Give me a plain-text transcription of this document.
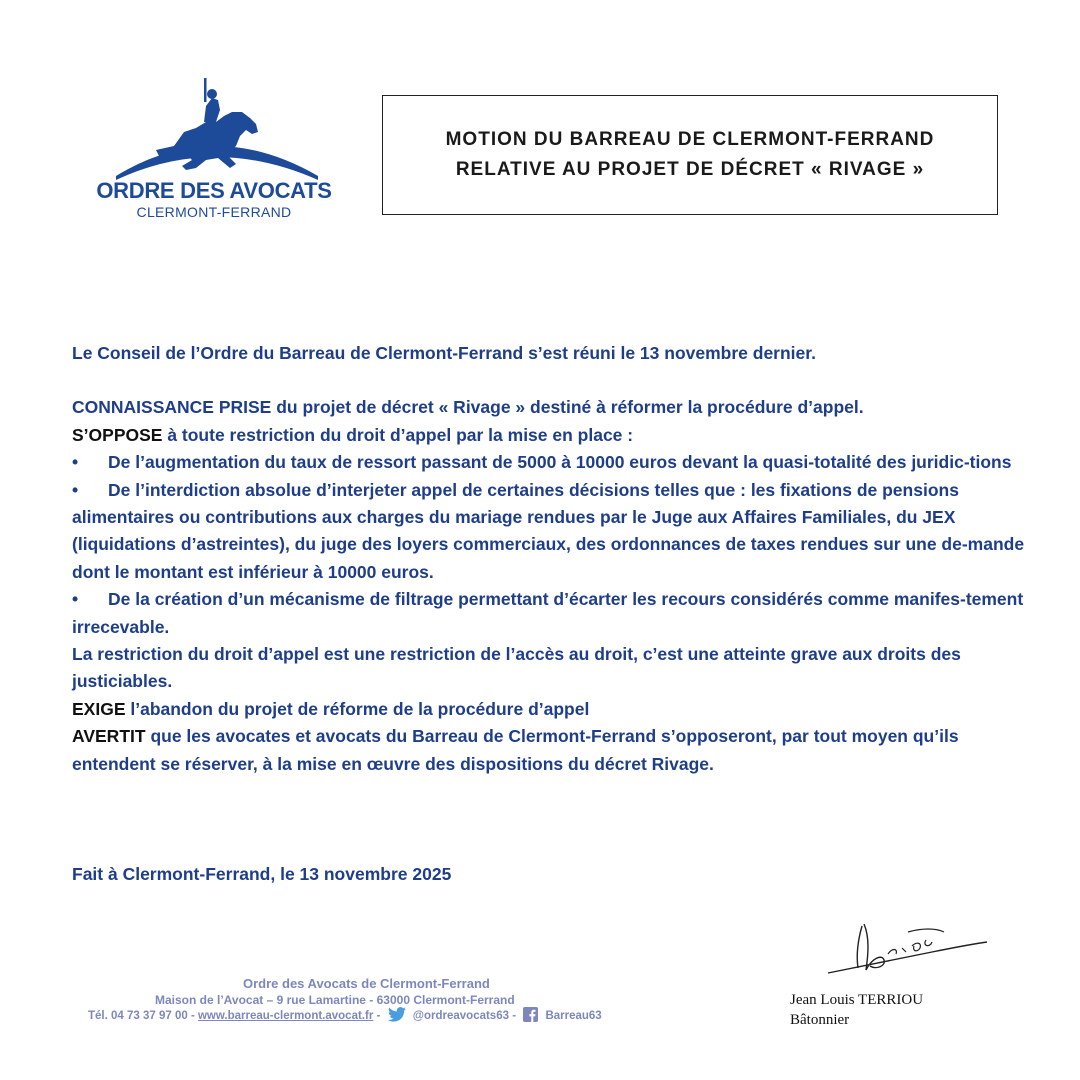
ORDRE DES AVOCATS
CLERMONT-FERRAND
MOTION DU BARREAU DE CLERMONT-FERRAND
RELATIVE AU PROJET DE DÉCRET « RIVAGE »

Le Conseil de l’Ordre du Barreau de Clermont-Ferrand s’est réuni le 13 novembre dernier.

CONNAISSANCE PRISE du projet de décret « Rivage » destiné à réformer la procédure d’appel.

S’OPPOSE à toute restriction du droit d’appel par la mise en place :

• De l’augmentation du taux de ressort passant de 5000 à 10000 euros devant la quasi-totalité des juridic-tions

• De l’interdiction absolue d’interjeter appel de certaines décisions telles que : les fixations de pensions alimentaires ou contributions aux charges du mariage rendues par le Juge aux Affaires Familiales, du JEX (liquidations d’astreintes), du juge des loyers commerciaux, des ordonnances de taxes rendues sur une de-mande dont le montant est inférieur à 10000 euros.

• De la création d’un mécanisme de filtrage permettant d’écarter les recours considérés comme manifes-tement irrecevable.

La restriction du droit d’appel est une restriction de l’accès au droit, c’est une atteinte grave aux droits des justiciables.

EXIGE l’abandon du projet de réforme de la procédure d’appel

AVERTIT que les avocates et avocats du Barreau de Clermont-Ferrand s’opposeront, par tout moyen qu’ils entendent se réserver, à la mise en œuvre des dispositions du décret Rivage.

Fait à Clermont-Ferrand, le 13 novembre 2025
Ordre des Avocats de Clermont-Ferrand
Maison de l’Avocat – 9 rue Lamartine - 63000 Clermont-Ferrand
Tél. 04 73 37 97 00 - www.barreau-clermont.avocat.fr -	@ordreavocats63 -	Barreau63
Jean Louis TERRIOU
Bâtonnier
